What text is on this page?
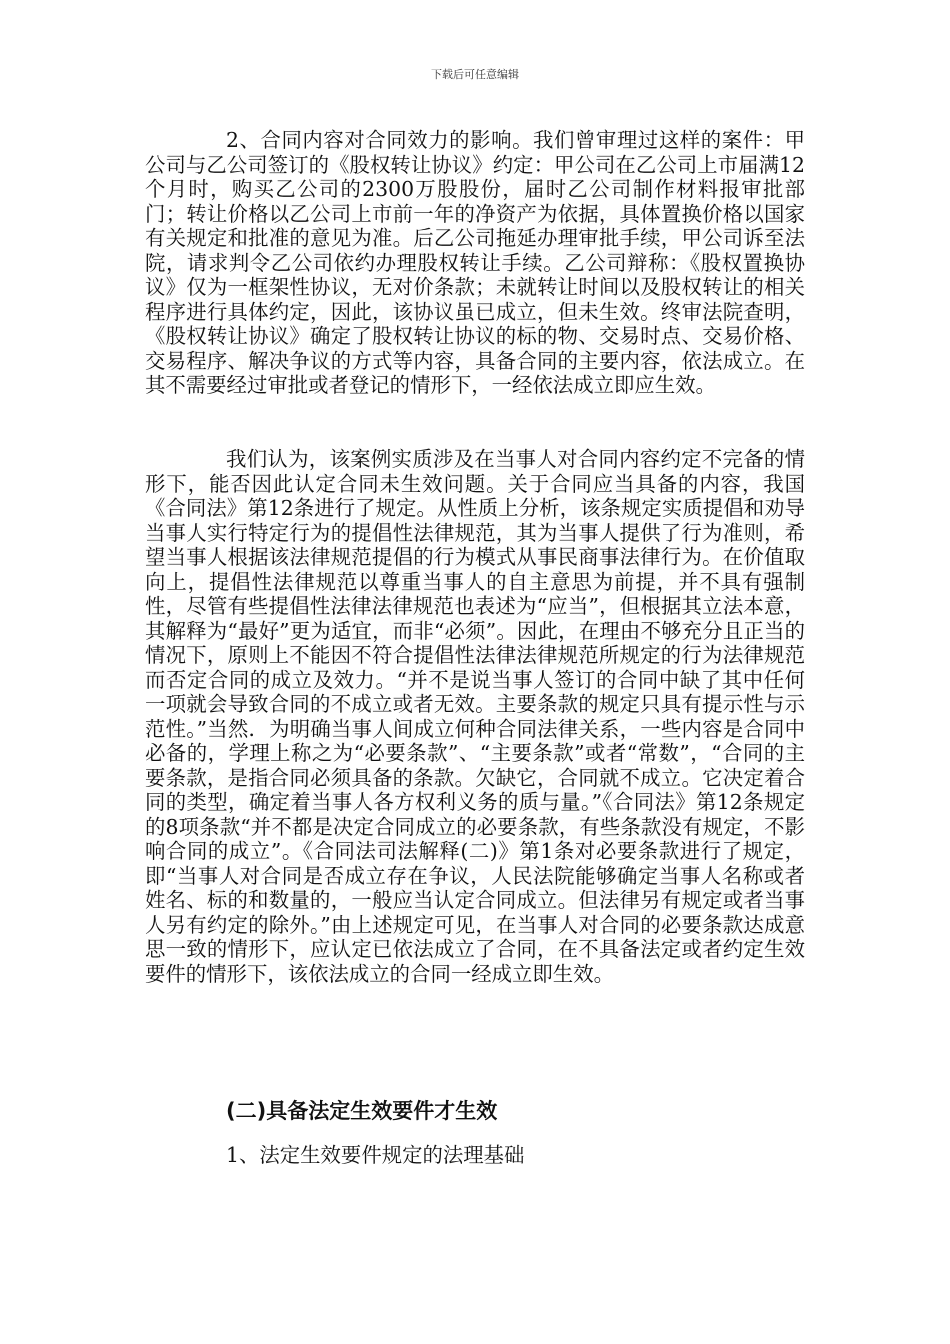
下载后可任意编辑

2、合同内容对合同效力的影响。我们曾审理过这样的案件：甲公司与乙公司签订的《股权转让协议》约定：甲公司在乙公司上市届满12个月时，购买乙公司的2300万股股份，届时乙公司制作材料报审批部门；转让价格以乙公司上市前一年的净资产为依据，具体置换价格以国家有关规定和批准的意见为准。后乙公司拖延办理审批手续，甲公司诉至法院，请求判令乙公司依约办理股权转让手续。乙公司辩称：《股权置换协议》仅为一框架性协议，无对价条款；未就转让时间以及股权转让的相关程序进行具体约定，因此，该协议虽已成立，但未生效。终审法院查明，《股权转让协议》确定了股权转让协议的标的物、交易时点、交易价格、交易程序、解决争议的方式等内容，具备合同的主要内容，依法成立。在其不需要经过审批或者登记的情形下，一经依法成立即应生效。

我们认为，该案例实质涉及在当事人对合同内容约定不完备的情形下，能否因此认定合同未生效问题。关于合同应当具备的内容，我国《合同法》第12条进行了规定。从性质上分析，该条规定实质提倡和劝导当事人实行特定行为的提倡性法律规范，其为当事人提供了行为准则，希望当事人根据该法律规范提倡的行为模式从事民商事法律行为。在价值取向上，提倡性法律规范以尊重当事人的自主意思为前提，并不具有强制性，尽管有些提倡性法律法律规范也表述为“应当”，但根据其立法本意，其解释为“最好”更为适宜，而非“必须”。因此，在理由不够充分且正当的情况下，原则上不能因不符合提倡性法律法律规范所规定的行为法律规范而否定合同的成立及效力。“并不是说当事人签订的合同中缺了其中任何一项就会导致合同的不成立或者无效。主要条款的规定只具有提示性与示范性。”当然．为明确当事人间成立何种合同法律关系，一些内容是合同中必备的，学理上称之为“必要条款”、“主要条款”或者“常数”，“合同的主要条款，是指合同必须具备的条款。欠缺它，合同就不成立。它决定着合同的类型，确定着当事人各方权利义务的质与量。”《合同法》第12条规定的8项条款“并不都是决定合同成立的必要条款，有些条款没有规定，不影响合同的成立”。《合同法司法解释(二)》第1条对必要条款进行了规定，即“当事人对合同是否成立存在争议，人民法院能够确定当事人名称或者姓名、标的和数量的，一般应当认定合同成立。但法律另有规定或者当事人另有约定的除外。”由上述规定可见，在当事人对合同的必要条款达成意思一致的情形下，应认定已依法成立了合同，在不具备法定或者约定生效要件的情形下，该依法成立的合同一经成立即生效。

(二)具备法定生效要件才生效

1、法定生效要件规定的法理基础
